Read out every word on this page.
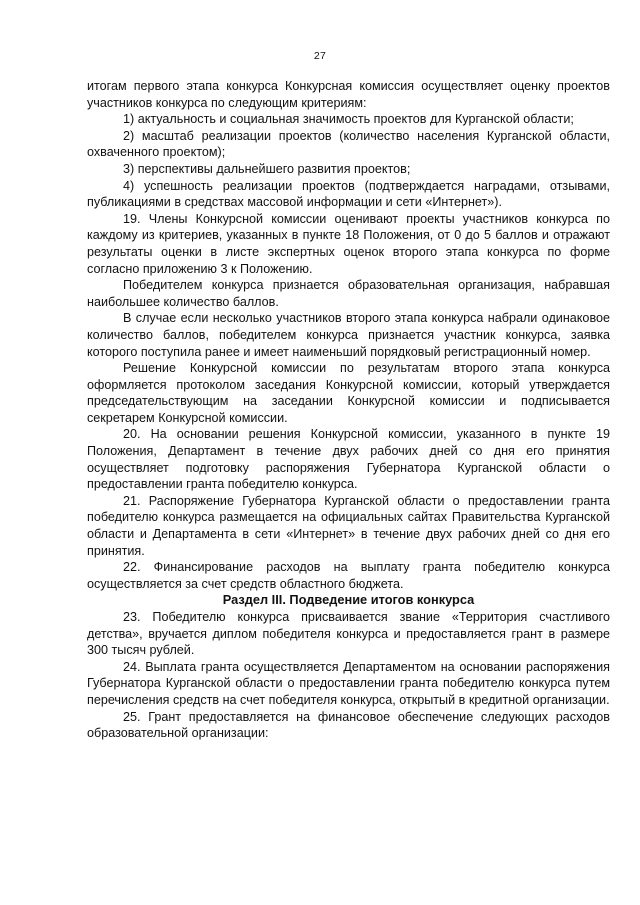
27

итогам первого этапа конкурса Конкурсная комиссия осуществляет оценку проектов участников конкурса по следующим критериям:

1) актуальность и социальная значимость проектов для Курганской области;

2) масштаб реализации проектов (количество населения Курганской области, охваченного проектом);

3) перспективы дальнейшего развития проектов;

4) успешность реализации проектов (подтверждается наградами, отзывами, публикациями в средствах массовой информации и сети «Интернет»).

19. Члены Конкурсной комиссии оценивают проекты участников конкурса по каждому из критериев, указанных в пункте 18 Положения, от 0 до 5 баллов и отражают результаты оценки в листе экспертных оценок второго этапа конкурса по форме согласно приложению 3 к Положению.

Победителем конкурса признается образовательная организация, набравшая наибольшее количество баллов.

В случае если несколько участников второго этапа конкурса набрали одинаковое количество баллов, победителем конкурса признается участник конкурса, заявка которого поступила ранее и имеет наименьший порядковый регистрационный номер.

Решение Конкурсной комиссии по результатам второго этапа конкурса оформляется протоколом заседания Конкурсной комиссии, который утверждается председательствующим на заседании Конкурсной комиссии и подписывается секретарем Конкурсной комиссии.

20. На основании решения Конкурсной комиссии, указанного в пункте 19 Положения, Департамент в течение двух рабочих дней со дня его принятия осуществляет подготовку распоряжения Губернатора Курганской области о предоставлении гранта победителю конкурса.

21. Распоряжение Губернатора Курганской области о предоставлении гранта победителю конкурса размещается на официальных сайтах Правительства Курганской области и Департамента в сети «Интернет» в течение двух рабочих дней со дня его принятия.

22. Финансирование расходов на выплату гранта победителю конкурса осуществляется за счет средств областного бюджета.

Раздел III. Подведение итогов конкурса

23. Победителю конкурса присваивается звание «Территория счастливого детства», вручается диплом победителя конкурса и предоставляется грант в размере 300 тысяч рублей.

24. Выплата гранта осуществляется Департаментом на основании распоряжения Губернатора Курганской области о предоставлении гранта победителю конкурса путем перечисления средств на счет победителя конкурса, открытый в кредитной организации.

25. Грант предоставляется на финансовое обеспечение следующих расходов образовательной организации:
